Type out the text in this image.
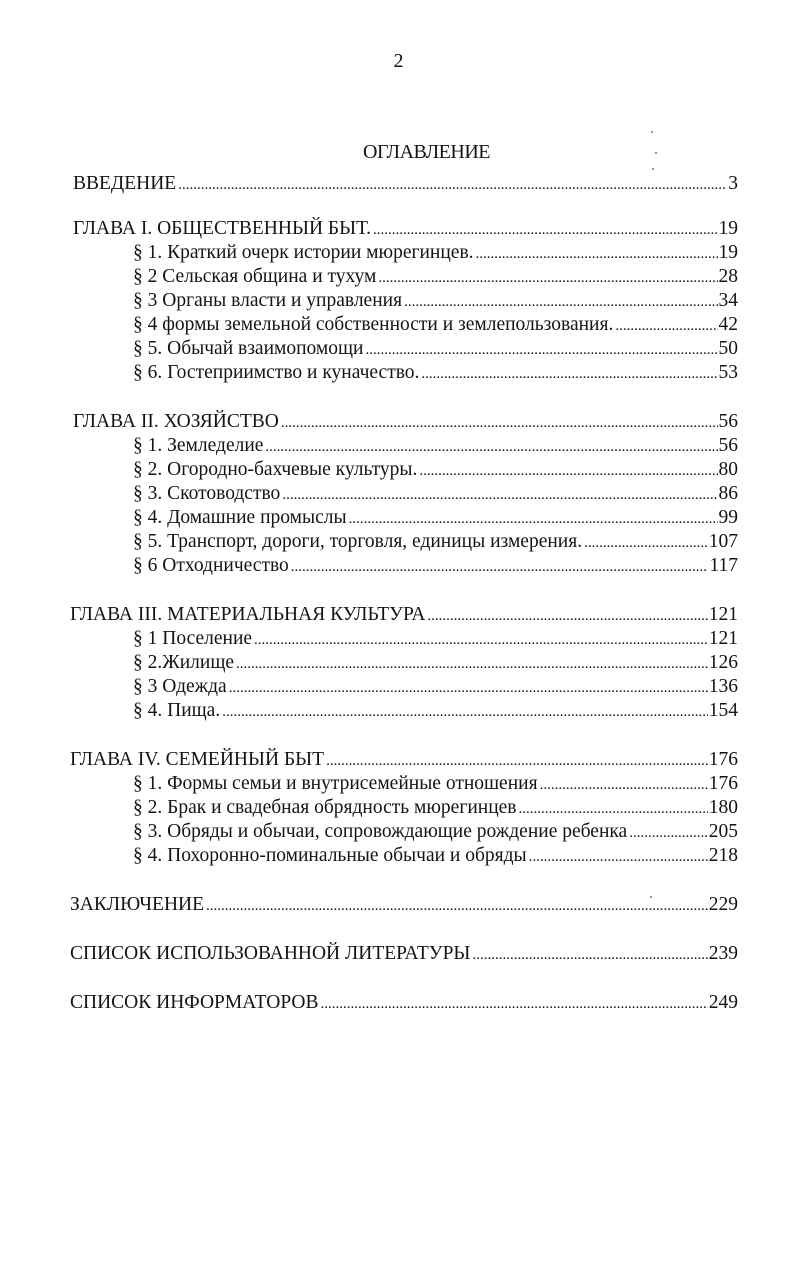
2
ОГЛАВЛЕНИЕ
ВВЕДЕНИЕ .....	3
ГЛАВА I. ОБЩЕСТВЕННЫЙ БЫТ. .....	19
§ 1. Краткий очерк истории мюрегинцев. .....	19
§ 2 Сельская община и тухум .....	28
§ 3 Органы власти и управления .....	34
§ 4 формы земельной собственности и землепользования. .....	42
§ 5. Обычай взаимопомощи .....	50
§ 6. Гостеприимство и куначество. .....	53
ГЛАВА II. ХОЗЯЙСТВО .....	56
§ 1. Земледелие .....	56
§ 2. Огородно-бахчевые культуры. .....	80
§ 3. Скотоводство .....	86
§ 4. Домашние промыслы .....	99
§ 5. Транспорт, дороги, торговля, единицы измерения. .....	107
§ 6 Отходничество .....	117
ГЛАВА III. МАТЕРИАЛЬНАЯ КУЛЬТУРА .....	121
§ 1 Поселение .....	121
§ 2.Жилище .....	126
§ 3 Одежда .....	136
§ 4. Пища. .....	154
ГЛАВА IV. СЕМЕЙНЫЙ БЫТ .....	176
§ 1. Формы семьи и внутрисемейные отношения .....	176
§ 2. Брак и свадебная обрядность мюрегинцев .....	180
§ 3. Обряды и обычаи, сопровождающие рождение ребенка .....	205
§ 4. Похоронно-поминальные обычаи и обряды .....	218
ЗАКЛЮЧЕНИЕ .....	229
СПИСОК ИСПОЛЬЗОВАННОЙ ЛИТЕРАТУРЫ .....	239
СПИСОК ИНФОРМАТОРОВ .....	249
